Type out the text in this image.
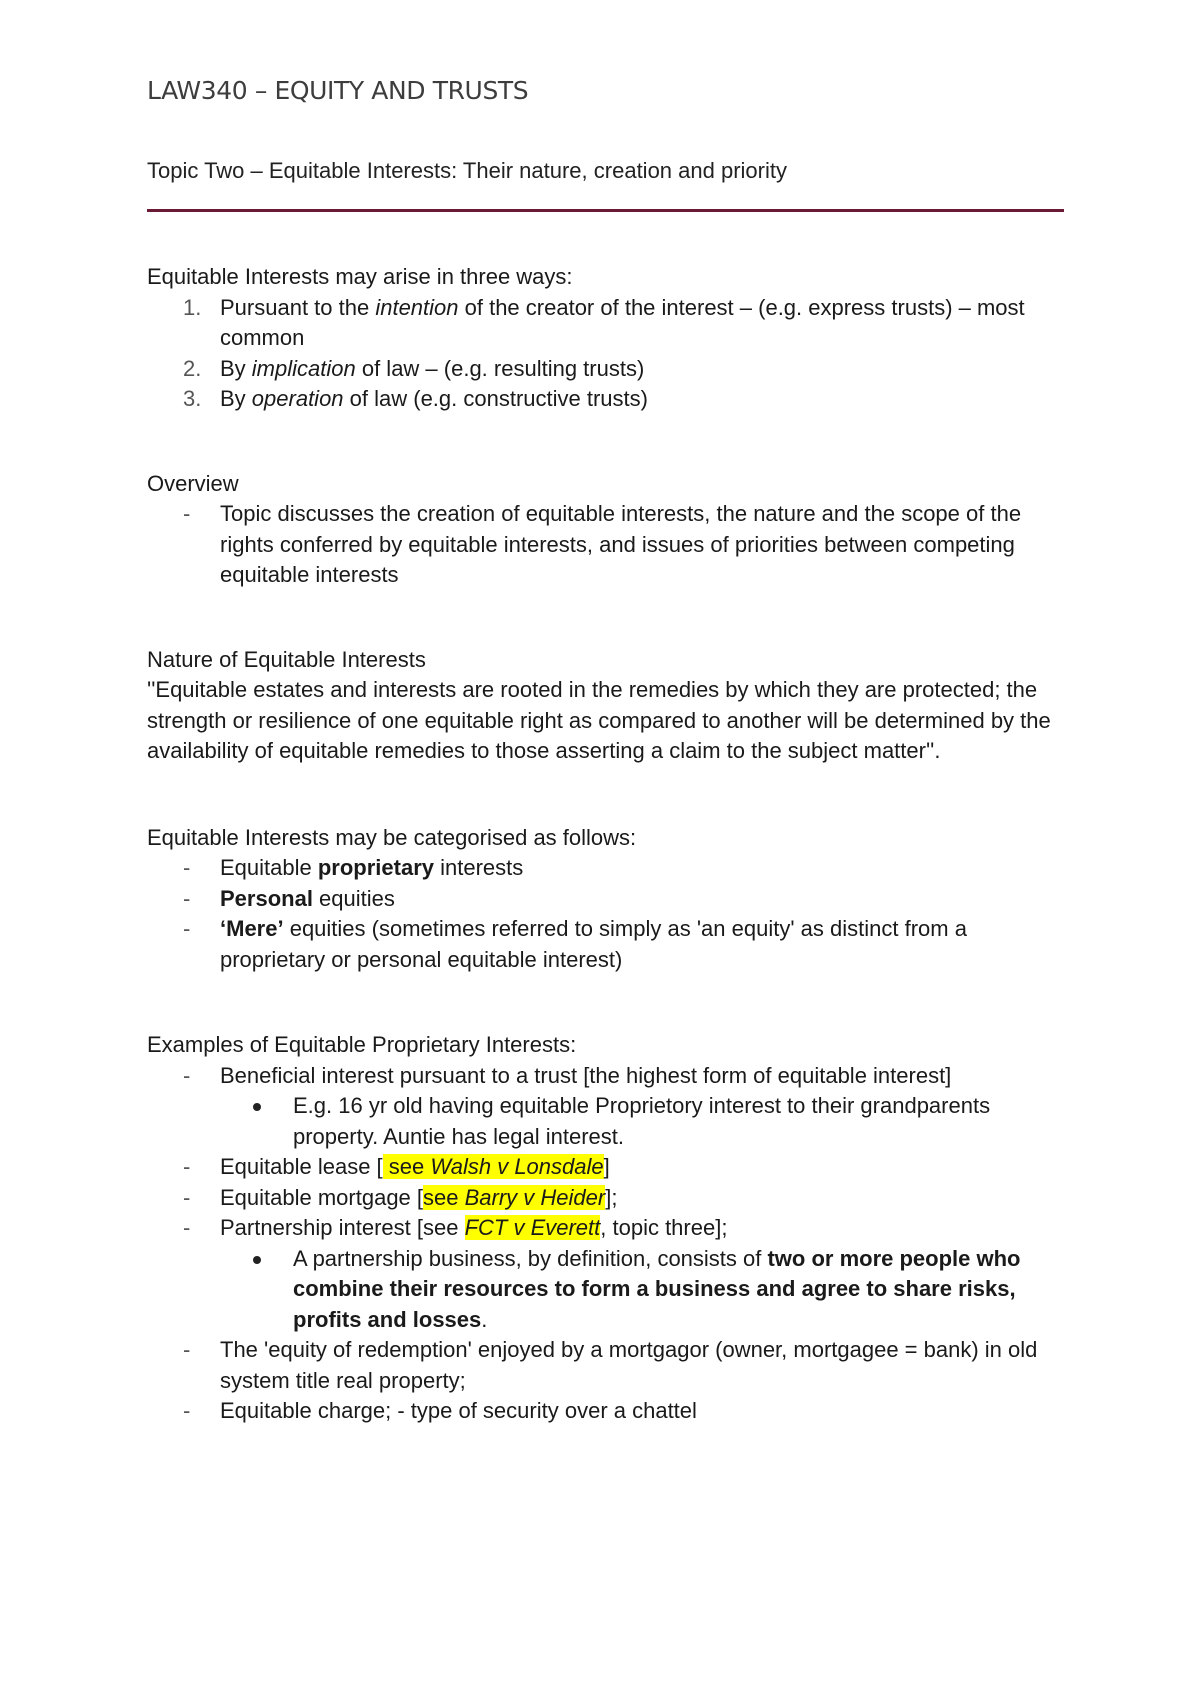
LAW340 – EQUITY AND TRUSTS
Topic Two – Equitable Interests: Their nature, creation and priority

Equitable Interests may arise in three ways:

1. Pursuant to the intention of the creator of the interest – (e.g. express trusts) – most common
2. By implication of law – (e.g. resulting trusts)
3. By operation of law (e.g. constructive trusts)

Overview

- Topic discusses the creation of equitable interests, the nature and the scope of the rights conferred by equitable interests, and issues of priorities between competing equitable interests

Nature of Equitable Interests

''Equitable estates and interests are rooted in the remedies by which they are protected; the strength or resilience of one equitable right as compared to another will be determined by the availability of equitable remedies to those asserting a claim to the subject matter''.

Equitable Interests may be categorised as follows:

- Equitable proprietary interests
- Personal equities
- ‘Mere’ equities (sometimes referred to simply as 'an equity' as distinct from a proprietary or personal equitable interest)

Examples of Equitable Proprietary Interests:

- Beneficial interest pursuant to a trust [the highest form of equitable interest]
E.g. 16 yr old having equitable Proprietory interest to their grandparents property. Auntie has legal interest.
- Equitable lease [ see Walsh v Lonsdale]
- Equitable mortgage [see Barry v Heider];
- Partnership interest [see FCT v Everett, topic three];
A partnership business, by definition, consists of two or more people who combine their resources to form a business and agree to share risks, profits and losses.
- The 'equity of redemption' enjoyed by a mortgagor (owner, mortgagee = bank) in old system title real property;
- Equitable charge; - type of security over a chattel
